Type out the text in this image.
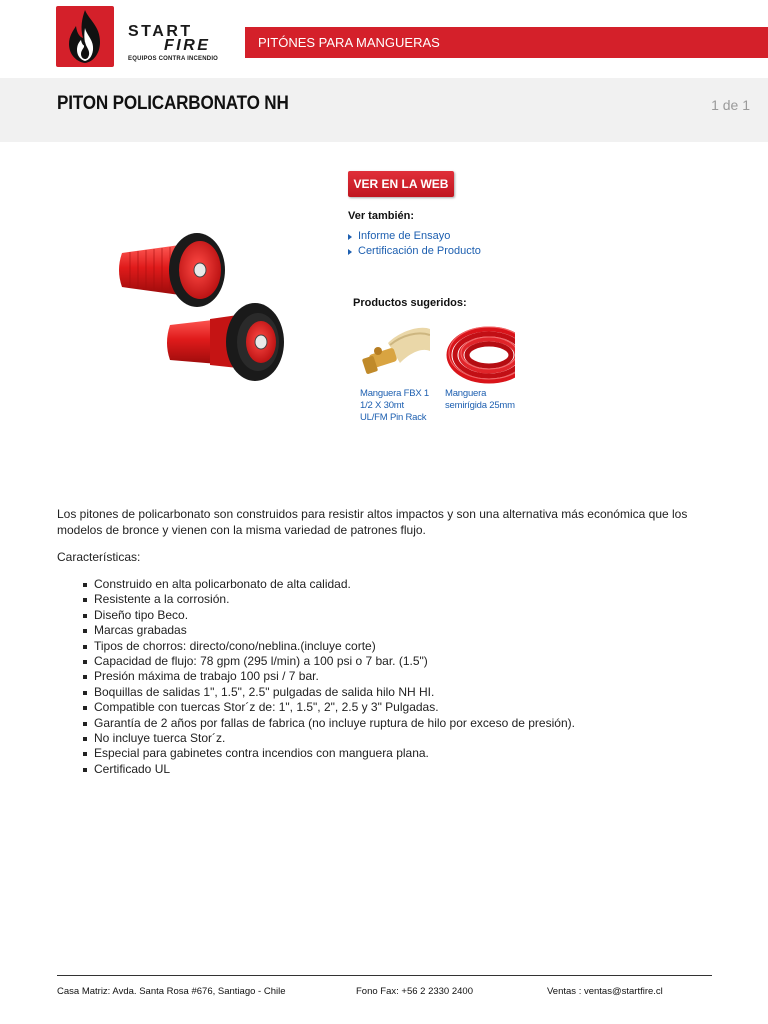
START
FIRE
EQUIPOS CONTRA INCENDIO
PITÓNES PARA MANGUERAS
PITON POLICARBONATO NH	1 de 1
VER EN LA WEB
Ver también:
Informe de Ensayo
Certificación de Producto
Productos sugeridos:
Manguera FBX 1 1/2 X 30mt UL/FM Pin Rack
Manguera semirígida 25mm

Los pitones de policarbonato son construidos para resistir altos impactos y son una alternativa más económica que los modelos de bronce y vienen con la misma variedad de patrones flujo.

Características:

Construido en alta policarbonato de alta calidad.
Resistente a la corrosión.
Diseño tipo Beco.
Marcas grabadas
Tipos de chorros: directo/cono/neblina.(incluye corte)
Capacidad de flujo: 78 gpm (295 l/min) a 100 psi o 7 bar. (1.5")
Presión máxima de trabajo 100 psi / 7 bar.
Boquillas de salidas 1", 1.5", 2.5" pulgadas de salida hilo NH HI.
Compatible con tuercas Stor´z de: 1", 1.5", 2", 2.5 y 3" Pulgadas.
Garantía de 2 años por fallas de fabrica (no incluye ruptura de hilo por exceso de presión).
No incluye tuerca Stor´z.
Especial para gabinetes contra incendios con manguera plana.
Certificado UL
Casa Matriz: Avda. Santa Rosa #676, Santiago - Chile	Fono Fax: +56 2 2330 2400	Ventas : ventas@startfire.cl
